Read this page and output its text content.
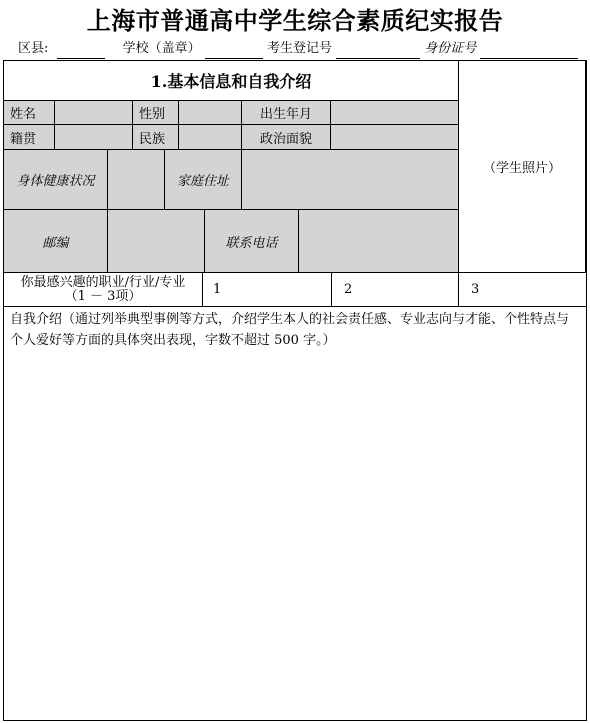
上海市普通高中学生综合素质纪实报告
区县:	学校（盖章）	考生登记号	身份证号
1.基本信息和自我介绍
（学生照片）
姓名	性别	出生年月
籍贯	民族	政治面貌
身体健康状况	家庭住址
邮编	联系电话
你最感兴趣的职业/行业/专业
（1 － 3项）	1	2	3
自我介绍（通过列举典型事例等方式，介绍学生本人的社会责任感、专业志向与才能、个性特点与个人爱好等方面的具体突出表现，字数不超过 500 字。）
